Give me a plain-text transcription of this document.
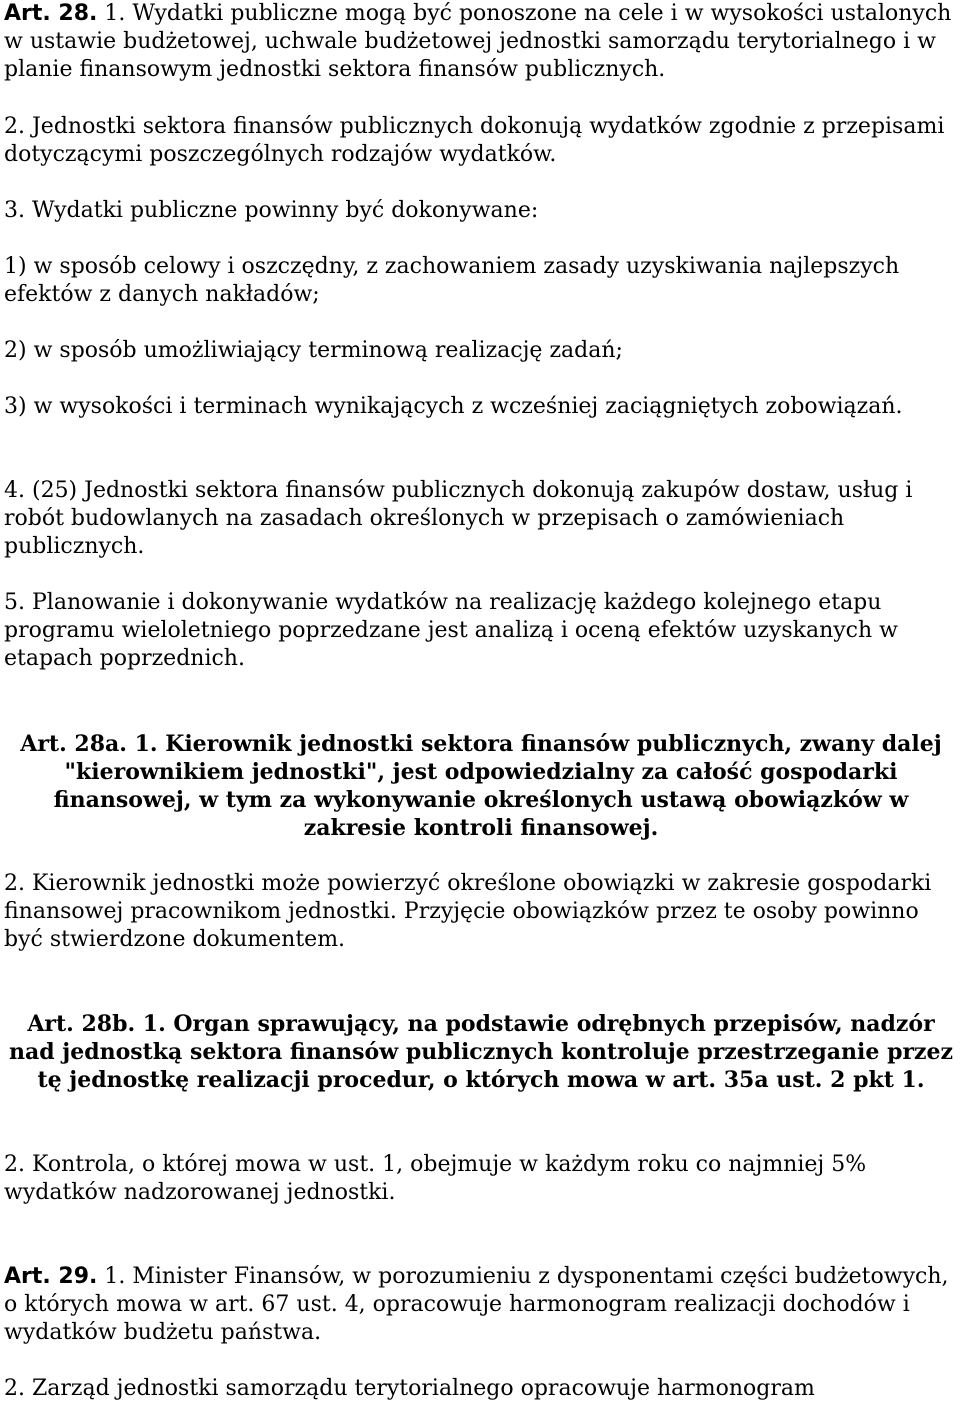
Art. 28. 1. Wydatki publiczne mogą być ponoszone na cele i w wysokości ustalonych w ustawie budżetowej, uchwale budżetowej jednostki samorządu terytorialnego i w planie finansowym jednostki sektora finansów publicznych.

2. Jednostki sektora finansów publicznych dokonują wydatków zgodnie z przepisami dotyczącymi poszczególnych rodzajów wydatków.

3. Wydatki publiczne powinny być dokonywane:

1) w sposób celowy i oszczędny, z zachowaniem zasady uzyskiwania najlepszych efektów z danych nakładów;

2) w sposób umożliwiający terminową realizację zadań;

3) w wysokości i terminach wynikających z wcześniej zaciągniętych zobowiązań.

4. (25) Jednostki sektora finansów publicznych dokonują zakupów dostaw, usług i robót budowlanych na zasadach określonych w przepisach o zamówieniach publicznych.

5. Planowanie i dokonywanie wydatków na realizację każdego kolejnego etapu programu wieloletniego poprzedzane jest analizą i oceną efektów uzyskanych w etapach poprzednich.

Art. 28a. 1. Kierownik jednostki sektora finansów publicznych, zwany dalej "kierownikiem jednostki", jest odpowiedzialny za całość gospodarki finansowej, w tym za wykonywanie określonych ustawą obowiązków w zakresie kontroli finansowej.

2. Kierownik jednostki może powierzyć określone obowiązki w zakresie gospodarki finansowej pracownikom jednostki. Przyjęcie obowiązków przez te osoby powinno być stwierdzone dokumentem.

Art. 28b. 1. Organ sprawujący, na podstawie odrębnych przepisów, nadzór nad jednostką sektora finansów publicznych kontroluje przestrzeganie przez tę jednostkę realizacji procedur, o których mowa w art. 35a ust. 2 pkt 1.

2. Kontrola, o której mowa w ust. 1, obejmuje w każdym roku co najmniej 5% wydatków nadzorowanej jednostki.

Art. 29. 1. Minister Finansów, w porozumieniu z dysponentami części budżetowych, o których mowa w art. 67 ust. 4, opracowuje harmonogram realizacji dochodów i wydatków budżetu państwa.

2. Zarząd jednostki samorządu terytorialnego opracowuje harmonogram
